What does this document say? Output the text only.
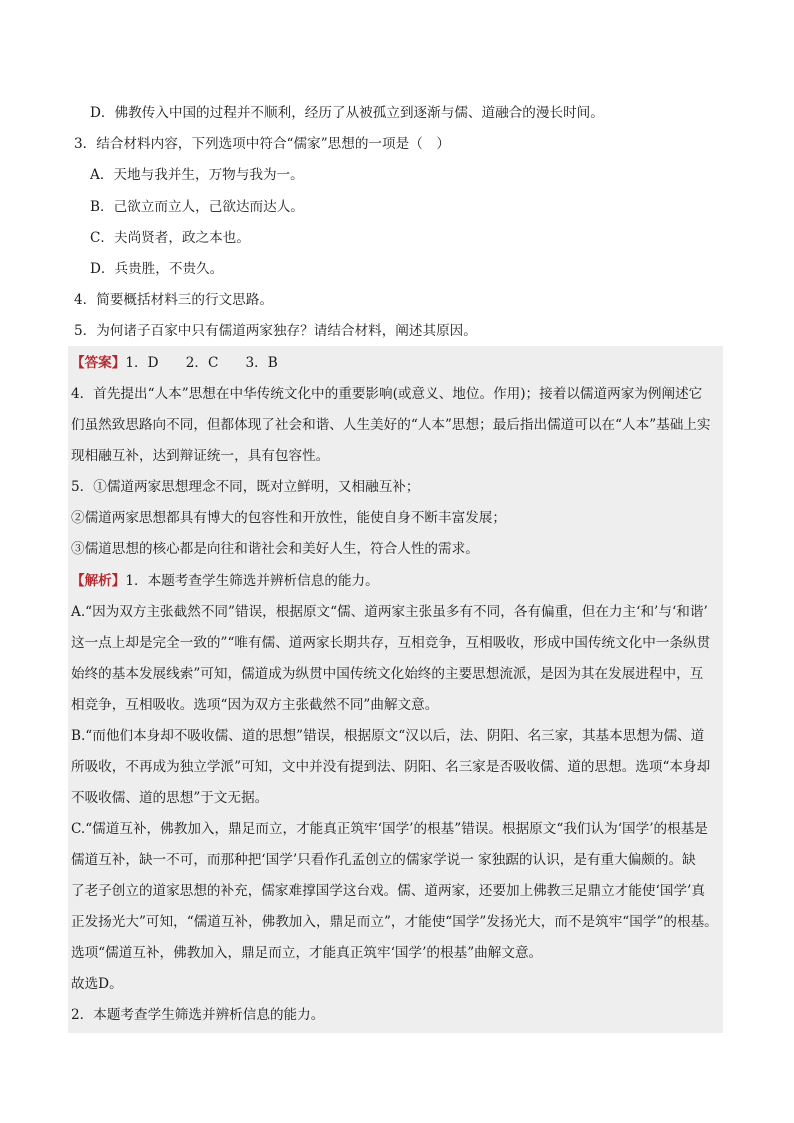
D．佛教传入中国的过程并不顺利，经历了从被孤立到逐渐与儒、道融合的漫长时间。
3．结合材料内容，下列选项中符合“儒家”思想的一项是（　）
A．天地与我并生，万物与我为一。
B．己欲立而立人，己欲达而达人。
C．夫尚贤者，政之本也。
D．兵贵胜，不贵久。
4．简要概括材料三的行文思路。
5．为何诸子百家中只有儒道两家独存？请结合材料，阐述其原因。
【答案】1．D　　2．C　　3．B
4．首先提出“人本”思想在中华传统文化中的重要影响(或意义、地位。作用)；接着以儒道两家为例阐述它
们虽然致思路向不同，但都体现了社会和谐、人生美好的“人本”思想；最后指出儒道可以在“人本”基础上实
现相融互补，达到辩证统一，具有包容性。
5．①儒道两家思想理念不同，既对立鲜明，又相融互补；
②儒道两家思想都具有博大的包容性和开放性，能使自身不断丰富发展；
③儒道思想的核心都是向往和谐社会和美好人生，符合人性的需求。
【解析】1．本题考查学生筛选并辨析信息的能力。
A.“因为双方主张截然不同”错误，根据原文“儒、道两家主张虽多有不同，各有偏重，但在力主‘和’与‘和谐’
这一点上却是完全一致的”“唯有儒、道两家长期共存，互相竞争，互相吸收，形成中国传统文化中一条纵贯
始终的基本发展线索”可知，儒道成为纵贯中国传统文化始终的主要思想流派，是因为其在发展进程中，互
相竞争，互相吸收。选项“因为双方主张截然不同”曲解文意。
B.“而他们本身却不吸收儒、道的思想”错误，根据原文“汉以后，法、阴阳、名三家，其基本思想为儒、道
所吸收，不再成为独立学派”可知，文中并没有提到法、阴阳、名三家是否吸收儒、道的思想。选项“本身却
不吸收儒、道的思想”于文无据。
C.“儒道互补，佛教加入，鼎足而立，才能真正筑牢‘国学’的根基”错误。根据原文“我们认为‘国学’的根基是
儒道互补，缺一不可，而那种把‘国学’只看作孔孟创立的儒家学说一 家独踞的认识，是有重大偏颇的。缺
了老子创立的道家思想的补充，儒家难撑国学这台戏。儒、道两家，还要加上佛教三足鼎立才能使‘国学’真
正发扬光大”可知，“儒道互补，佛教加入，鼎足而立”，才能使“国学”发扬光大，而不是筑牢“国学”的根基。
选项“儒道互补，佛教加入，鼎足而立，才能真正筑牢‘国学’的根基”曲解文意。
故选D。
2．本题考查学生筛选并辨析信息的能力。
